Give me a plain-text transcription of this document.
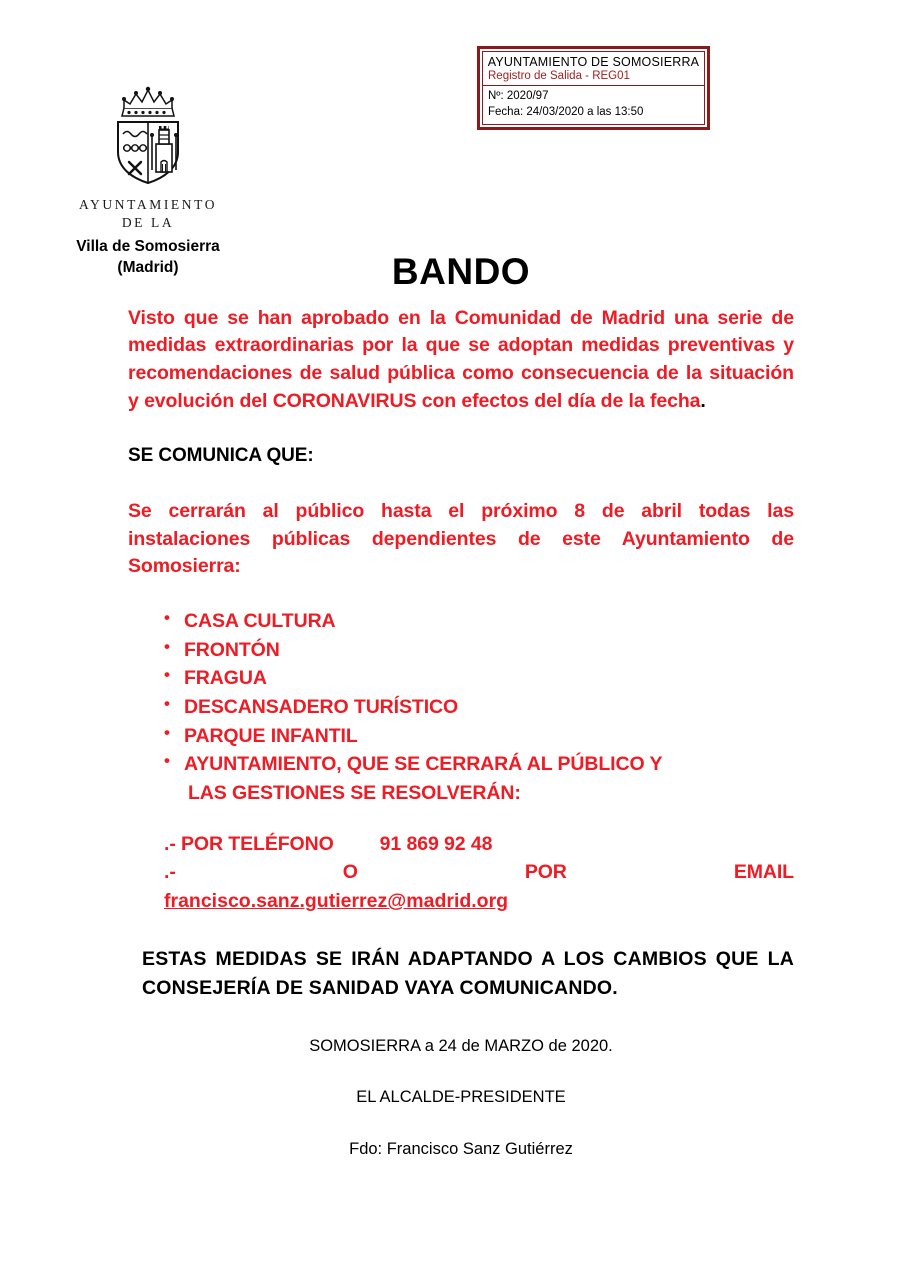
AYUNTAMIENTO DE SOMOSIERRA
Registro de Salida - REG01
Nº: 2020/97
Fecha: 24/03/2020 a las 13:50
AYUNTAMIENTO
DE LA
Villa de Somosierra
(Madrid)	BANDO

Visto que se han aprobado en la Comunidad de Madrid una serie de medidas extraordinarias por la que se adoptan medidas preventivas y recomendaciones de salud pública como consecuencia de la situación y evolución del CORONAVIRUS con efectos del día de la fecha.

SE COMUNICA QUE:

Se cerrarán al público hasta el próximo 8 de abril todas las instalaciones públicas dependientes de este Ayuntamiento de Somosierra:

• CASA CULTURA
• FRONTÓN
• FRAGUA
• DESCANSADERO TURÍSTICO
• PARQUE INFANTIL
• AYUNTAMIENTO, QUE SE CERRARÁ AL PÚBLICO Y
LAS GESTIONES SE RESOLVERÁN:
.- POR TELÉFONO 91 869 92 48
.-	O	POR	EMAIL
francisco.sanz.gutierrez@madrid.org

ESTAS MEDIDAS SE IRÁN ADAPTANDO A LOS CAMBIOS QUE LA CONSEJERÍA DE SANIDAD VAYA COMUNICANDO.

SOMOSIERRA a 24 de MARZO de 2020.
EL ALCALDE-PRESIDENTE
Fdo: Francisco Sanz Gutiérrez
